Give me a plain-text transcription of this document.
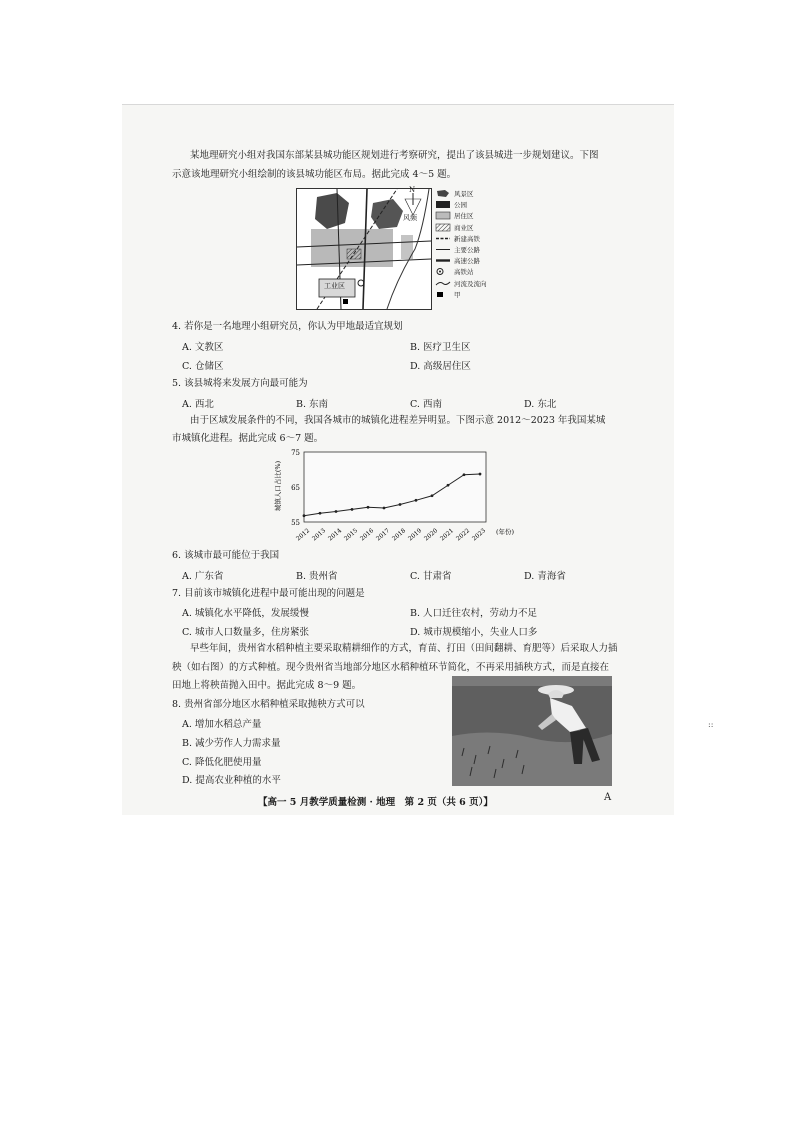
某地理研究小组对我国东部某县城功能区规划进行考察研究，提出了该县城进一步规划建议。下图
示意该地理研究小组绘制的该县城功能区布局。据此完成 4～5 题。
工业区
N
风频
风景区
公园
居住区
商业区
新建高铁
主要公路
高速公路
高铁站
河流及流向
甲
4. 若你是一名地理小组研究员，你认为甲地最适宜规划
A. 文教区	B. 医疗卫生区
C. 仓储区	D. 高级居住区
5. 该县城将来发展方向最可能为
A. 西北	B. 东南	C. 西南	D. 东北
由于区域发展条件的不同，我国各城市的城镇化进程差异明显。下图示意 2012～2023 年我国某城
市城镇化进程。据此完成 6～7 题。
75
65
55
城镇人口占比(%)
2012 2013 2014 2015 2016 2017 2018 2019 2020 2021 2022 2023 (年份)
6. 该城市最可能位于我国
A. 广东省	B. 贵州省	C. 甘肃省	D. 青海省
7. 目前该市城镇化进程中最可能出现的问题是
A. 城镇化水平降低，发展缓慢	B. 人口迁往农村，劳动力不足
C. 城市人口数量多，住房紧张	D. 城市规模缩小，失业人口多
早些年间，贵州省水稻种植主要采取精耕细作的方式，育苗、打田（田间翻耕、育肥等）后采取人力插
秧（如右图）的方式种植。现今贵州省当地部分地区水稻种植环节简化，不再采用插秧方式，而是直接在
田地上将秧苗抛入田中。据此完成 8～9 题。
8. 贵州省部分地区水稻种植采取抛秧方式可以
A. 增加水稻总产量
B. 减少劳作人力需求量
C. 降低化肥使用量
D. 提高农业种植的水平
【高一 5 月教学质量检测 · 地理　第 2 页（共 6 页）】	A
::
